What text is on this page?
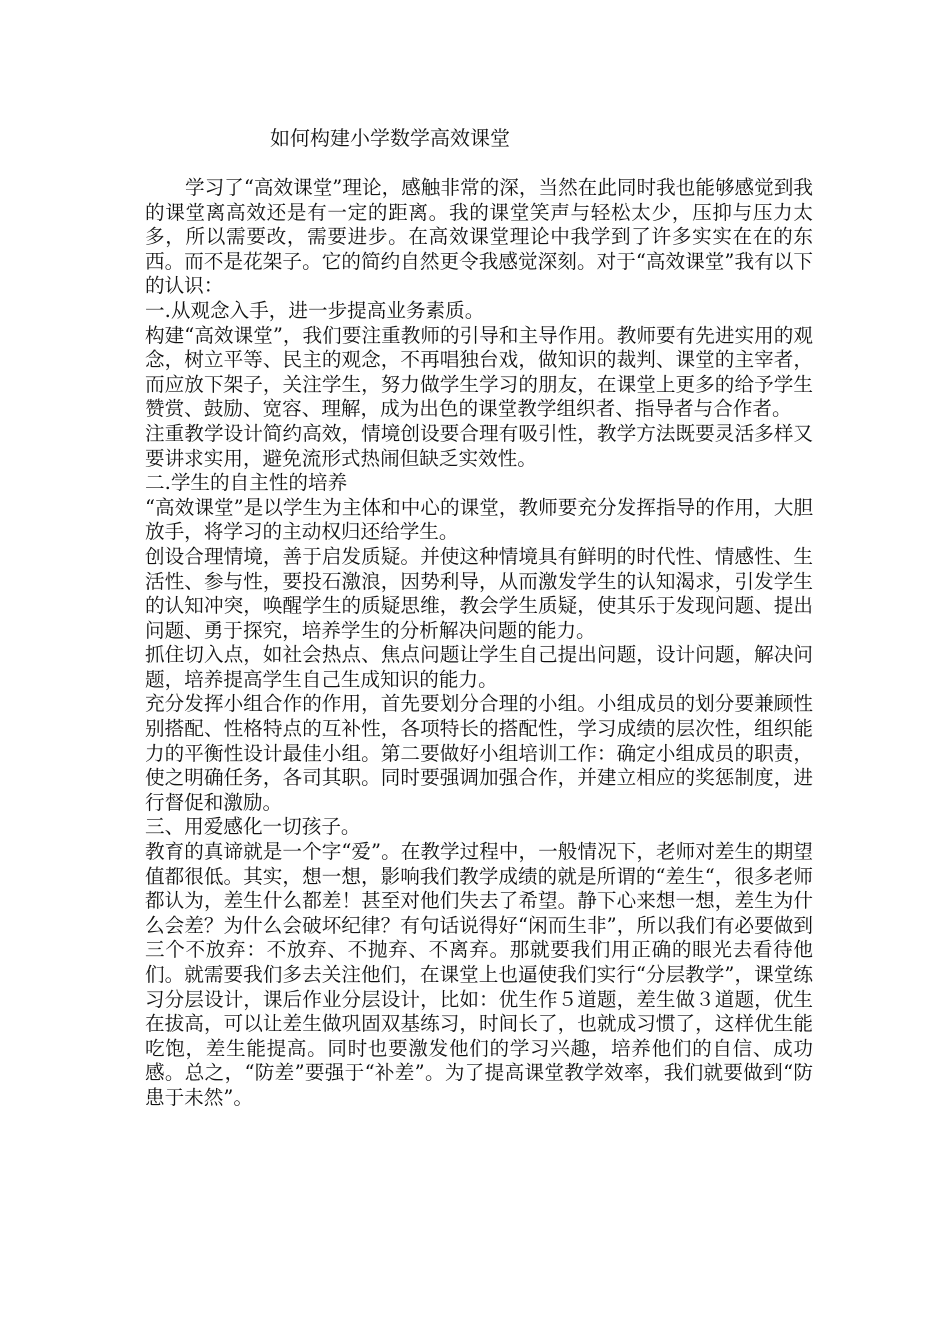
如何构建小学数学高效课堂

学习了“高效课堂”理论，感触非常的深，当然在此同时我也能够感觉到我的课堂离高效还是有一定的距离。我的课堂笑声与轻松太少，压抑与压力太多，所以需要改，需要进步。在高效课堂理论中我学到了许多实实在在的东西。而不是花架子。它的简约自然更令我感觉深刻。对于“高效课堂”我有以下的认识：

一.从观念入手，进一步提高业务素质。

构建“高效课堂”，我们要注重教师的引导和主导作用。教师要有先进实用的观念，树立平等、民主的观念，不再唱独台戏，做知识的裁判、课堂的主宰者，而应放下架子，关注学生，努力做学生学习的朋友，在课堂上更多的给予学生赞赏、鼓励、宽容、理解，成为出色的课堂教学组织者、指导者与合作者。

注重教学设计简约高效，情境创设要合理有吸引性，教学方法既要灵活多样又要讲求实用，避免流形式热闹但缺乏实效性。

二.学生的自主性的培养

“高效课堂”是以学生为主体和中心的课堂，教师要充分发挥指导的作用，大胆放手，将学习的主动权归还给学生。

创设合理情境，善于启发质疑。并使这种情境具有鲜明的时代性、情感性、生活性、参与性，要投石激浪，因势利导，从而激发学生的认知渴求，引发学生的认知冲突，唤醒学生的质疑思维，教会学生质疑，使其乐于发现问题、提出问题、勇于探究，培养学生的分析解决问题的能力。

抓住切入点，如社会热点、焦点问题让学生自己提出问题，设计问题，解决问题，培养提高学生自己生成知识的能力。

充分发挥小组合作的作用，首先要划分合理的小组。小组成员的划分要兼顾性别搭配、性格特点的互补性，各项特长的搭配性，学习成绩的层次性，组织能力的平衡性设计最佳小组。第二要做好小组培训工作：确定小组成员的职责，使之明确任务，各司其职。同时要强调加强合作，并建立相应的奖惩制度，进行督促和激励。

三、用爱感化一切孩子。

教育的真谛就是一个字“爱”。在教学过程中，一般情况下，老师对差生的期望值都很低。其实，想一想，影响我们教学成绩的就是所谓的“差生“，很多老师都认为，差生什么都差！甚至对他们失去了希望。静下心来想一想，差生为什么会差？为什么会破坏纪律？有句话说得好“闲而生非”，所以我们有必要做到三个不放弃：不放弃、不抛弃、不离弃。那就要我们用正确的眼光去看待他们。就需要我们多去关注他们，在课堂上也逼使我们实行“分层教学”，课堂练习分层设计，课后作业分层设计，比如：优生作５道题，差生做３道题，优生在拔高，可以让差生做巩固双基练习，时间长了，也就成习惯了，这样优生能吃饱，差生能提高。同时也要激发他们的学习兴趣，培养他们的自信、成功感。总之，“防差”要强于“补差”。为了提高课堂教学效率，我们就要做到“防患于未然”。
